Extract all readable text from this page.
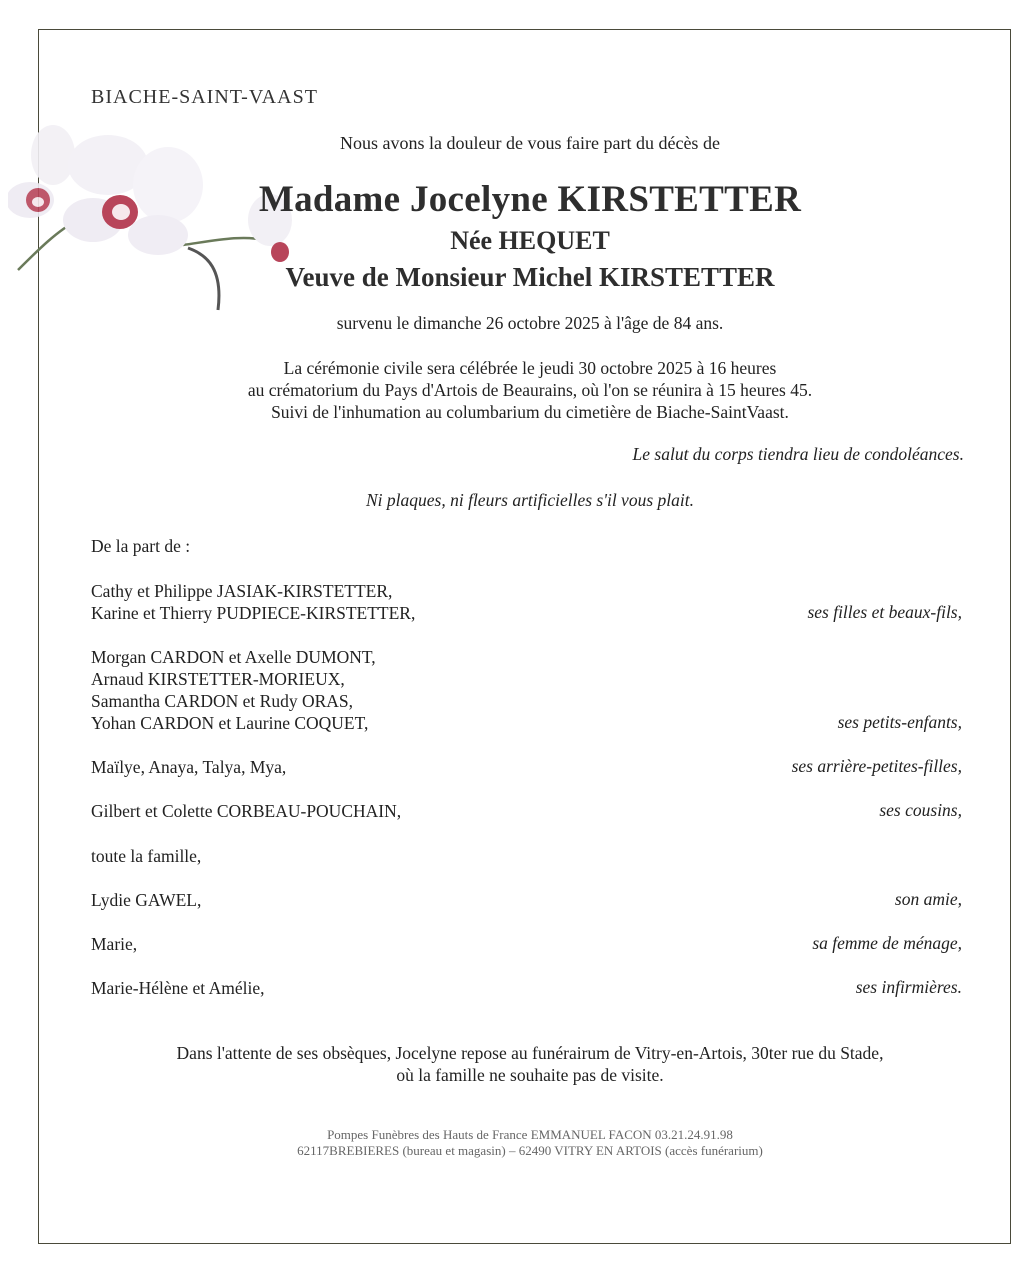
BIACHE-SAINT-VAAST
Nous avons la douleur de vous faire part du décès de
Madame Jocelyne KIRSTETTER
Née HEQUET
Veuve de Monsieur Michel KIRSTETTER
survenu le dimanche 26 octobre 2025 à l'âge de 84 ans.
La cérémonie civile sera célébrée le jeudi 30 octobre 2025 à 16 heures
au crématorium du Pays d'Artois de Beaurains, où l'on se réunira à 15 heures 45.
Suivi de l'inhumation au columbarium du cimetière de Biache-SaintVaast.
Le salut du corps tiendra lieu de condoléances.
Ni plaques, ni fleurs artificielles s'il vous plait.
De la part de :
Cathy et Philippe JASIAK-KIRSTETTER,
Karine et Thierry PUDPIECE-KIRSTETTER,	ses filles et beaux-fils,
Morgan CARDON et Axelle DUMONT,
Arnaud KIRSTETTER-MORIEUX,
Samantha CARDON et Rudy ORAS,
Yohan CARDON et Laurine COQUET,	ses petits-enfants,
Maïlye, Anaya, Talya, Mya,	ses arrière-petites-filles,
Gilbert et Colette CORBEAU-POUCHAIN,	ses cousins,
toute la famille,
Lydie GAWEL,	son amie,
Marie,	sa femme de ménage,
Marie-Hélène et Amélie,	ses infirmières.
Dans l'attente de ses obsèques, Jocelyne repose au funérairum de Vitry-en-Artois, 30ter rue du Stade,
où la famille ne souhaite pas de visite.
Pompes Funèbres des Hauts de France EMMANUEL FACON 03.21.24.91.98
62117BREBIERES (bureau et magasin) – 62490 VITRY EN ARTOIS (accès funérarium)
